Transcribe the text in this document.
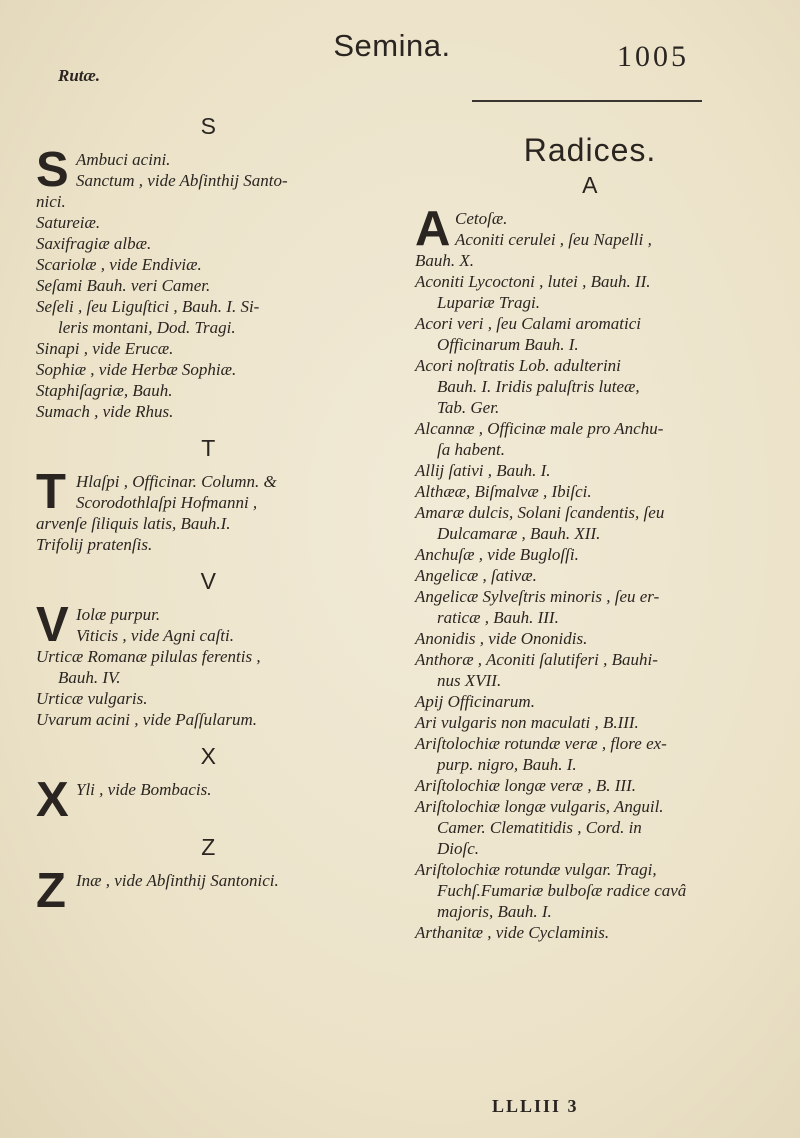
Semina.	1005
Rutæ.
S
S Ambuci acini.
Sanctum , vide Abſinthij Santo-
nici.
Satureiæ.
Saxifragiæ albæ.
Scariolæ , vide Endiviæ.
Seſami Bauh. veri Camer.
Seſeli , ſeu Liguſtici , Bauh. I. Si-
leris montani, Dod. Tragi.
Sinapi , vide Erucæ.
Sophiæ , vide Herbæ Sophiæ.
Staphiſagriæ, Bauh.
Sumach , vide Rhus.
T
T Hlaſpi , Officinar. Column. &
Scorodothlaſpi Hofmanni ,
arvenſe ſiliquis latis, Bauh.I.
Trifolij pratenſis.
V
V Iolæ purpur.
Viticis , vide Agni caſti.
Urticæ Romanæ pilulas ferentis ,
Bauh. IV.
Urticæ vulgaris.
Uvarum acini , vide Paſſularum.
X
X Yli , vide Bombacis.
Z
Z Inæ , vide Abſinthij Santonici.
Radices.
A
A Cetoſæ.
Aconiti cerulei , ſeu Napelli ,
Bauh. X.
Aconiti Lycoctoni , lutei , Bauh. II.
Lupariæ Tragi.
Acori veri , ſeu Calami aromatici
Officinarum Bauh. I.
Acori noſtratis Lob. adulterini
Bauh. I. Iridis paluſtris luteæ,
Tab. Ger.
Alcannæ , Officinæ male pro Anchu-
ſa habent.
Allij ſativi , Bauh. I.
Althææ, Biſmalvæ , Ibiſci.
Amaræ dulcis, Solani ſcandentis, ſeu
Dulcamaræ , Bauh. XII.
Anchuſæ , vide Bugloſſi.
Angelicæ , ſativæ.
Angelicæ Sylveſtris minoris , ſeu er-
raticæ , Bauh. III.
Anonidis , vide Ononidis.
Anthoræ , Aconiti ſalutiferi , Bauhi-
nus XVII.
Apij Officinarum.
Ari vulgaris non maculati , B.III.
Ariſtolochiæ rotundæ veræ , flore ex-
purp. nigro, Bauh. I.
Ariſtolochiæ longæ veræ , B. III.
Ariſtolochiæ longæ vulgaris, Anguil.
Camer. Clematitidis , Cord. in
Dioſc.
Ariſtolochiæ rotundæ vulgar. Tragi,
Fuchſ.Fumariæ bulboſæ radice cavâ
majoris, Bauh. I.
Arthanitæ , vide Cyclaminis.
LLLIII 3
